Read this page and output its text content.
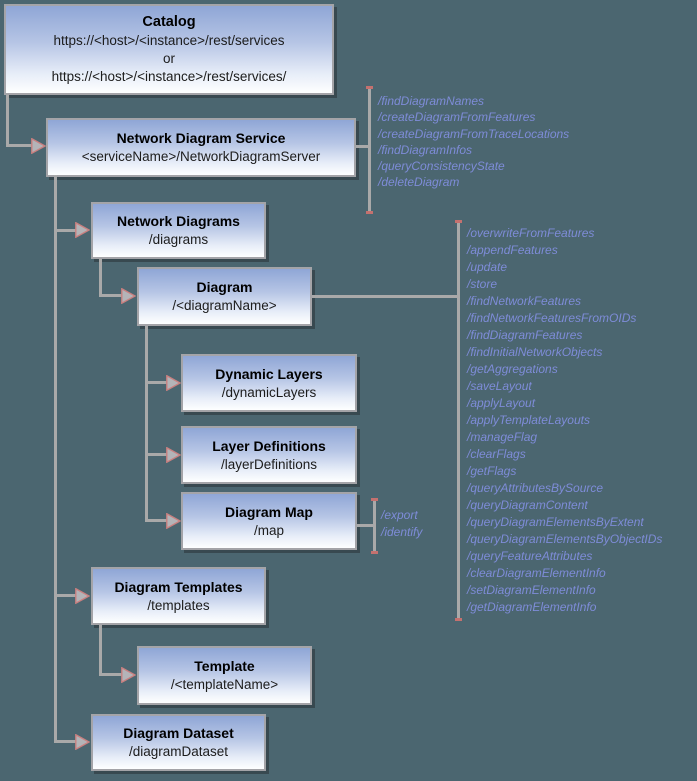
Catalog
https://<host>/<instance>/rest/services
or
https://<host>/<instance>/rest/services/
Network Diagram Service
<serviceName>/NetworkDiagramServer
Network Diagrams
/diagrams
Diagram
/<diagramName>
Dynamic Layers
/dynamicLayers
Layer Definitions
/layerDefinitions
Diagram Map
/map
Diagram Templates
/templates
Template
/<templateName>
Diagram Dataset
/diagramDataset
/findDiagramNames
/createDiagramFromFeatures
/createDiagramFromTraceLocations
/findDiagramInfos
/queryConsistencyState
/deleteDiagram
/overwriteFromFeatures
/appendFeatures
/update
/store
/findNetworkFeatures
/findNetworkFeaturesFromOIDs
/findDiagramFeatures
/findInitialNetworkObjects
/getAggregations
/saveLayout
/applyLayout
/applyTemplateLayouts
/manageFlag
/clearFlags
/getFlags
/queryAttributesBySource
/queryDiagramContent
/queryDiagramElementsByExtent
/queryDiagramElementsByObjectIDs
/queryFeatureAttributes
/clearDiagramElementInfo
/setDiagramElementInfo
/getDiagramElementInfo
/export
/identify
